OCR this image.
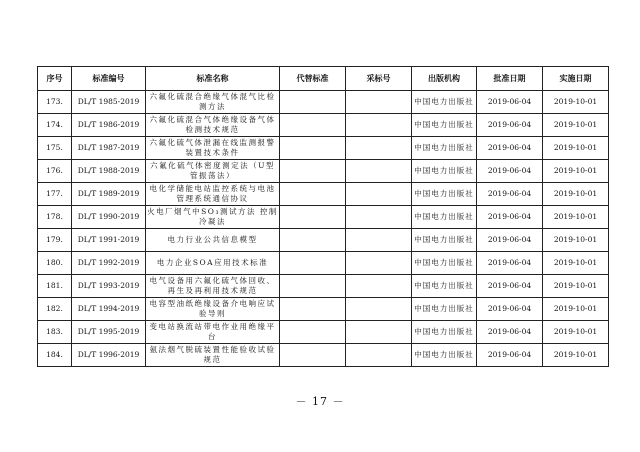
序号	标准编号	标准名称	代替标准	采标号	出版机构	批准日期	实施日期
173.	DL/T 1985-2019	六氟化硫混合绝缘气体混气比检测方法			中国电力出版社	2019-06-04	2019-10-01
174.	DL/T 1986-2019	六氟化硫混合气体绝缘设备气体检测技术规范			中国电力出版社	2019-06-04	2019-10-01
175.	DL/T 1987-2019	六氟化硫气体泄漏在线监测报警装置技术条件			中国电力出版社	2019-06-04	2019-10-01
176.	DL/T 1988-2019	六氟化硫气体密度测定法（U型管振荡法）			中国电力出版社	2019-06-04	2019-10-01
177.	DL/T 1989-2019	电化学储能电站监控系统与电池管理系统通信协议			中国电力出版社	2019-06-04	2019-10-01
178.	DL/T 1990-2019	火电厂烟气中SO₃测试方法 控制冷凝法			中国电力出版社	2019-06-04	2019-10-01
179.	DL/T 1991-2019	电力行业公共信息模型			中国电力出版社	2019-06-04	2019-10-01
180.	DL/T 1992-2019	电力企业SOA应用技术标准			中国电力出版社	2019-06-04	2019-10-01
181.	DL/T 1993-2019	电气设备用六氟化硫气体回收、再生及再利用技术规范			中国电力出版社	2019-06-04	2019-10-01
182.	DL/T 1994-2019	电容型油纸绝缘设备介电响应试验导则			中国电力出版社	2019-06-04	2019-10-01
183.	DL/T 1995-2019	变电站换流站带电作业用绝缘平台			中国电力出版社	2019-06-04	2019-10-01
184.	DL/T 1996-2019	氨法烟气脱硫装置性能验收试验规范			中国电力出版社	2019-06-04	2019-10-01
－ 17 －
